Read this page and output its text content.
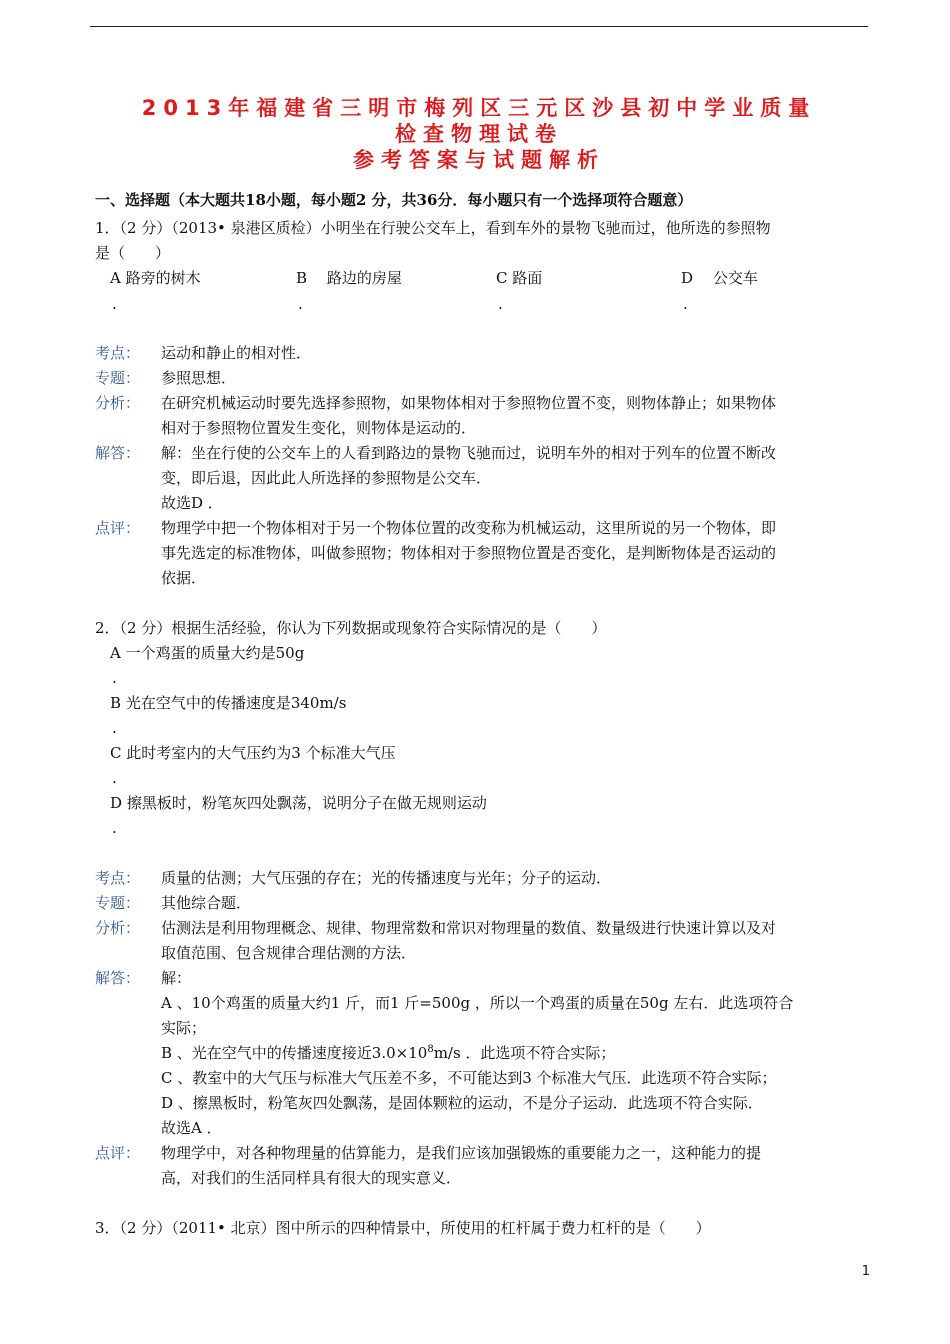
2013年福建省三明市梅列区三元区沙县初中学业质量
检查物理试卷
参考答案与试题解析
一、选择题（本大题共18小题，每小题2 分，共36分．每小题只有一个选择项符合题意）
1．（2 分）（2013• 泉港区质检）小明坐在行驶公交车上，看到车外的景物飞驰而过，他所选的参照物
是（　　）
A 路旁的树木
.
B　 路边的房屋
.
C 路面
.
D　 公交车
.
考点： 运动和静止的相对性．
专题： 参照思想．
分析： 在研究机械运动时要先选择参照物，如果物体相对于参照物位置不变，则物体静止；如果物体
相对于参照物位置发生变化，则物体是运动的．
解答： 解：坐在行使的公交车上的人看到路边的景物飞驰而过，说明车外的相对于列车的位置不断改
变，即后退，因此此人所选择的参照物是公交车．
故选D ．
点评： 物理学中把一个物体相对于另一个物体位置的改变称为机械运动，这里所说的另一个物体，即
事先选定的标准物体，叫做参照物；物体相对于参照物位置是否变化，是判断物体是否运动的
依据．
2．（2 分）根据生活经验，你认为下列数据或现象符合实际情况的是（　　）
A 一个鸡蛋的质量大约是50g
.
B 光在空气中的传播速度是340m/s
.
C 此时考室内的大气压约为3 个标准大气压
.
D 擦黑板时，粉笔灰四处飘荡，说明分子在做无规则运动
.
考点： 质量的估测；大气压强的存在；光的传播速度与光年；分子的运动．
专题： 其他综合题．
分析： 估测法是利用物理概念、规律、物理常数和常识对物理量的数值、数量级进行快速计算以及对
取值范围、包含规律合理估测的方法．
解答： 解：
A 、10个鸡蛋的质量大约1 斤，而1 斤=500g ，所以一个鸡蛋的质量在50g 左右．此选项符合
实际；
B 、光在空气中的传播速度接近$3.0\times 10^8m/s$ ．此选项不符合实际；
C 、教室中的大气压与标准大气压差不多，不可能达到3 个标准大气压．此选项不符合实际；
D 、擦黑板时，粉笔灰四处飘荡，是固体颗粒的运动，不是分子运动．此选项不符合实际．
故选A ．
点评： 物理学中，对各种物理量的估算能力，是我们应该加强锻炼的重要能力之一，这种能力的提
高，对我们的生活同样具有很大的现实意义．
3．（2 分）（2011• 北京）图中所示的四种情景中，所使用的杠杆属于费力杠杆的是（　　）
1
